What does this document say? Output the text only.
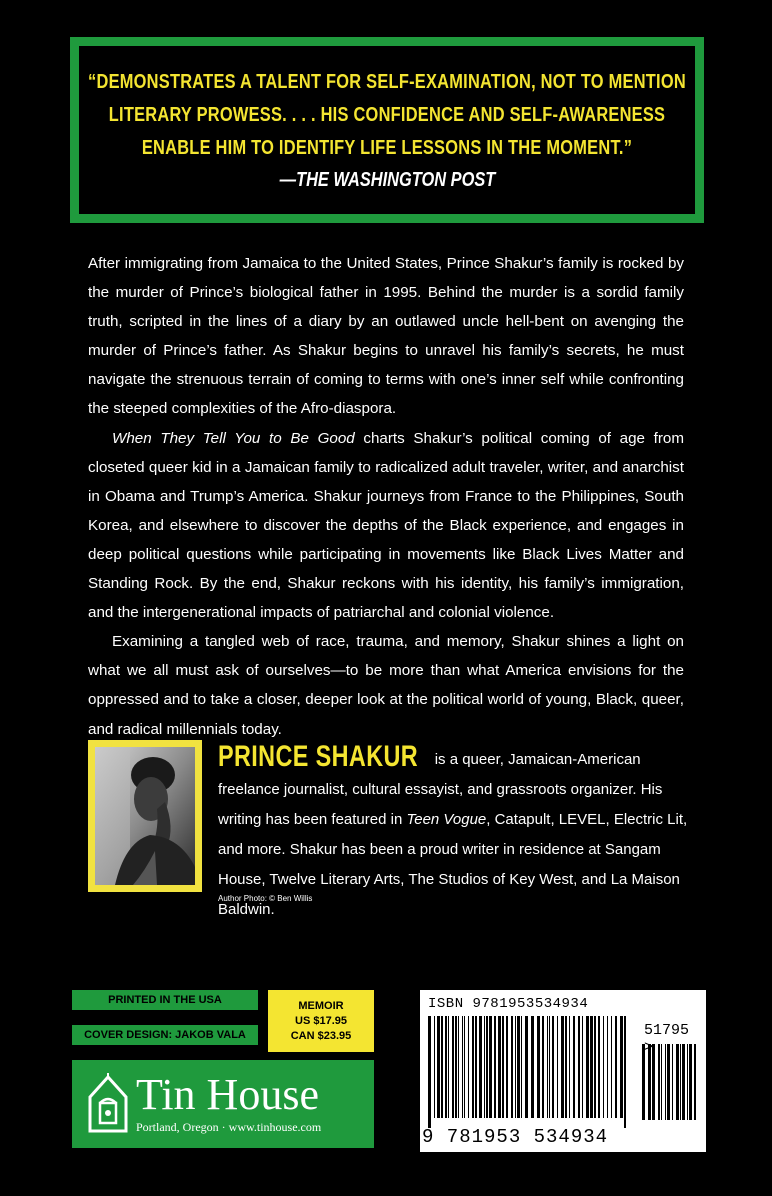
“DEMONSTRATES A TALENT FOR SELF-EXAMINATION, NOT TO MENTION LITERARY PROWESS. . . . HIS CONFIDENCE AND SELF-AWARENESS ENABLE HIM TO IDENTIFY LIFE LESSONS IN THE MOMENT.”
—THE WASHINGTON POST

After immigrating from Jamaica to the United States, Prince Shakur’s family is rocked by the murder of Prince’s biological father in 1995. Behind the murder is a sordid family truth, scripted in the lines of a diary by an outlawed uncle hell-bent on avenging the murder of Prince’s father. As Shakur begins to unravel his family’s secrets, he must navigate the strenuous terrain of coming to terms with one’s inner self while confronting the steeped complexities of the Afro-diaspora.

When They Tell You to Be Good charts Shakur’s political coming of age from closeted queer kid in a Jamaican family to radicalized adult traveler, writer, and anarchist in Obama and Trump’s America. Shakur journeys from France to the Philippines, South Korea, and elsewhere to discover the depths of the Black experience, and engages in deep political questions while participating in movements like Black Lives Matter and Standing Rock. By the end, Shakur reckons with his identity, his family’s immigration, and the intergenerational impacts of patriarchal and colonial violence.

Examining a tangled web of race, trauma, and memory, Shakur shines a light on what we all must ask of ourselves—to be more than what America envisions for the oppressed and to take a closer, deeper look at the political world of young, Black, queer, and radical millennials today.

PRINCE SHAKUR is a queer, Jamaican-American freelance journalist, cultural essayist, and grassroots organizer. His writing has been featured in Teen Vogue, Catapult, LEVEL, Electric Lit, and more. Shakur has been a proud writer in residence at Sangam House, Twelve Literary Arts, The Studios of Key West, and La Maison Baldwin.
Author Photo: © Ben Willis
PRINTED IN THE USA
COVER DESIGN: JAKOB VALA
MEMOIR
US $17.95
CAN $23.95
Tin House
Portland, Oregon · www.tinhouse.com
ISBN 9781953534934
51795 >
9 781953 534934
